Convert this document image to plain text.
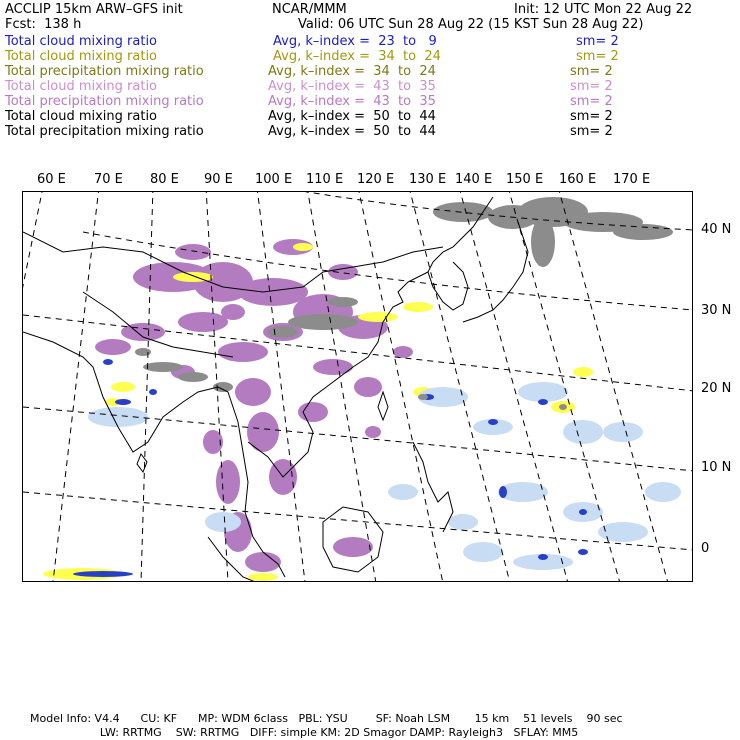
ACCLIP 15km ARW–GFS init	NCAR/MMM	Init: 12 UTC Mon 22 Aug 22
Fcst:  138 h	Valid: 06 UTC Sun 28 Aug 22 (15 KST Sun 28 Aug 22)
Total cloud mixing ratio	Avg, k–index =  23  to   9	sm= 2
Total cloud mixing ratio	Avg, k–index =  34  to  24	sm= 2
Total precipitation mixing ratio	Avg, k–index =  34  to  24	sm= 2
Total cloud mixing ratio	Avg, k–index =  43  to  35	sm= 2
Total precipitation mixing ratio	Avg, k–index =  43  to  35	sm= 2
Total cloud mixing ratio	Avg, k–index =  50  to  44	sm= 2
Total precipitation mixing ratio	Avg, k–index =  50  to  44	sm= 2
60 E 70 E 80 E 90 E 100 E 110 E 120 E 130 E 140 E 150 E 160 E 170 E
40 N
30 N
20 N
10 N
0
Model Info: V4.4      CU: KF      MP: WDM 6class   PBL: YSU        SF: Noah LSM       15 km    51 levels    90 sec
LW: RRTMG    SW: RRTMG   DIFF: simple KM: 2D Smagor DAMP: Rayleigh3   SFLAY: MM5
